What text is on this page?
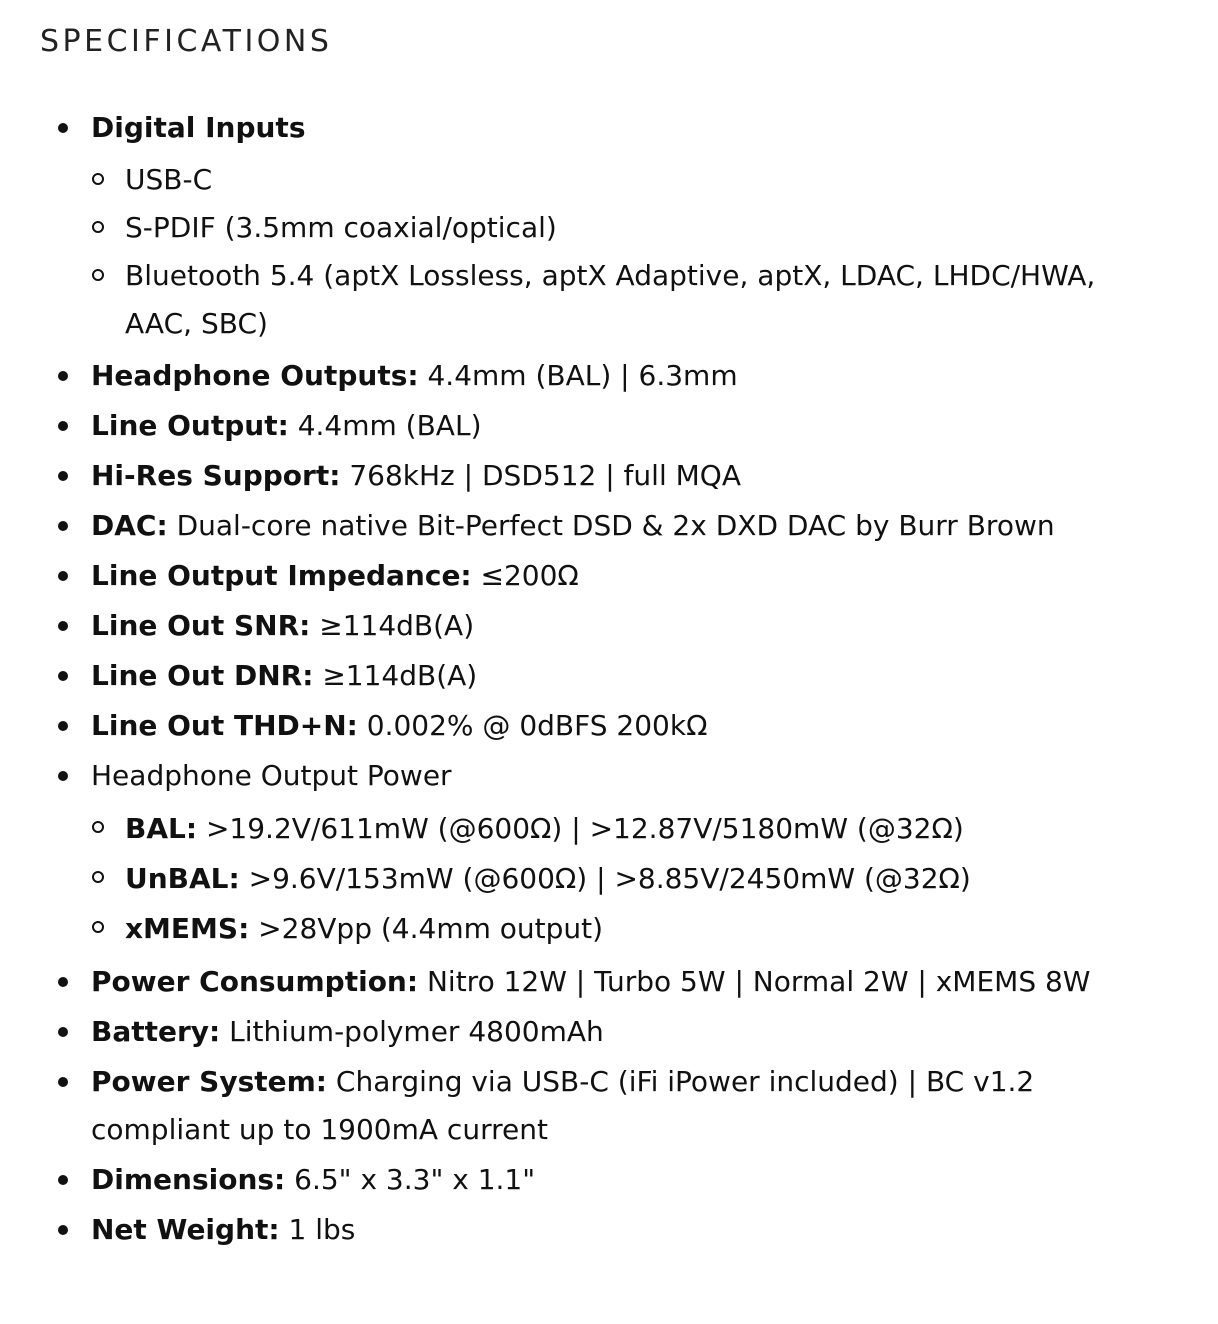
SPECIFICATIONS
Digital Inputs
USB-C
S-PDIF (3.5mm coaxial/optical)
Bluetooth 5.4 (aptX Lossless, aptX Adaptive, aptX, LDAC, LHDC/HWA, AAC, SBC)
Headphone Outputs: 4.4mm (BAL) | 6.3mm
Line Output: 4.4mm (BAL)
Hi-Res Support: 768kHz | DSD512 | full MQA
DAC: Dual-core native Bit-Perfect DSD & 2x DXD DAC by Burr Brown
Line Output Impedance: ≤200Ω
Line Out SNR: ≥114dB(A)
Line Out DNR: ≥114dB(A)
Line Out THD+N: 0.002% @ 0dBFS 200kΩ
Headphone Output Power
BAL: >19.2V/611mW (@600Ω) | >12.87V/5180mW (@32Ω)
UnBAL: >9.6V/153mW (@600Ω) | >8.85V/2450mW (@32Ω)
xMEMS: >28Vpp (4.4mm output)
Power Consumption: Nitro 12W | Turbo 5W | Normal 2W | xMEMS 8W
Battery: Lithium-polymer 4800mAh
Power System: Charging via USB-C (iFi iPower included) | BC v1.2 compliant up to 1900mA current
Dimensions: 6.5" x 3.3" x 1.1"
Net Weight: 1 lbs
